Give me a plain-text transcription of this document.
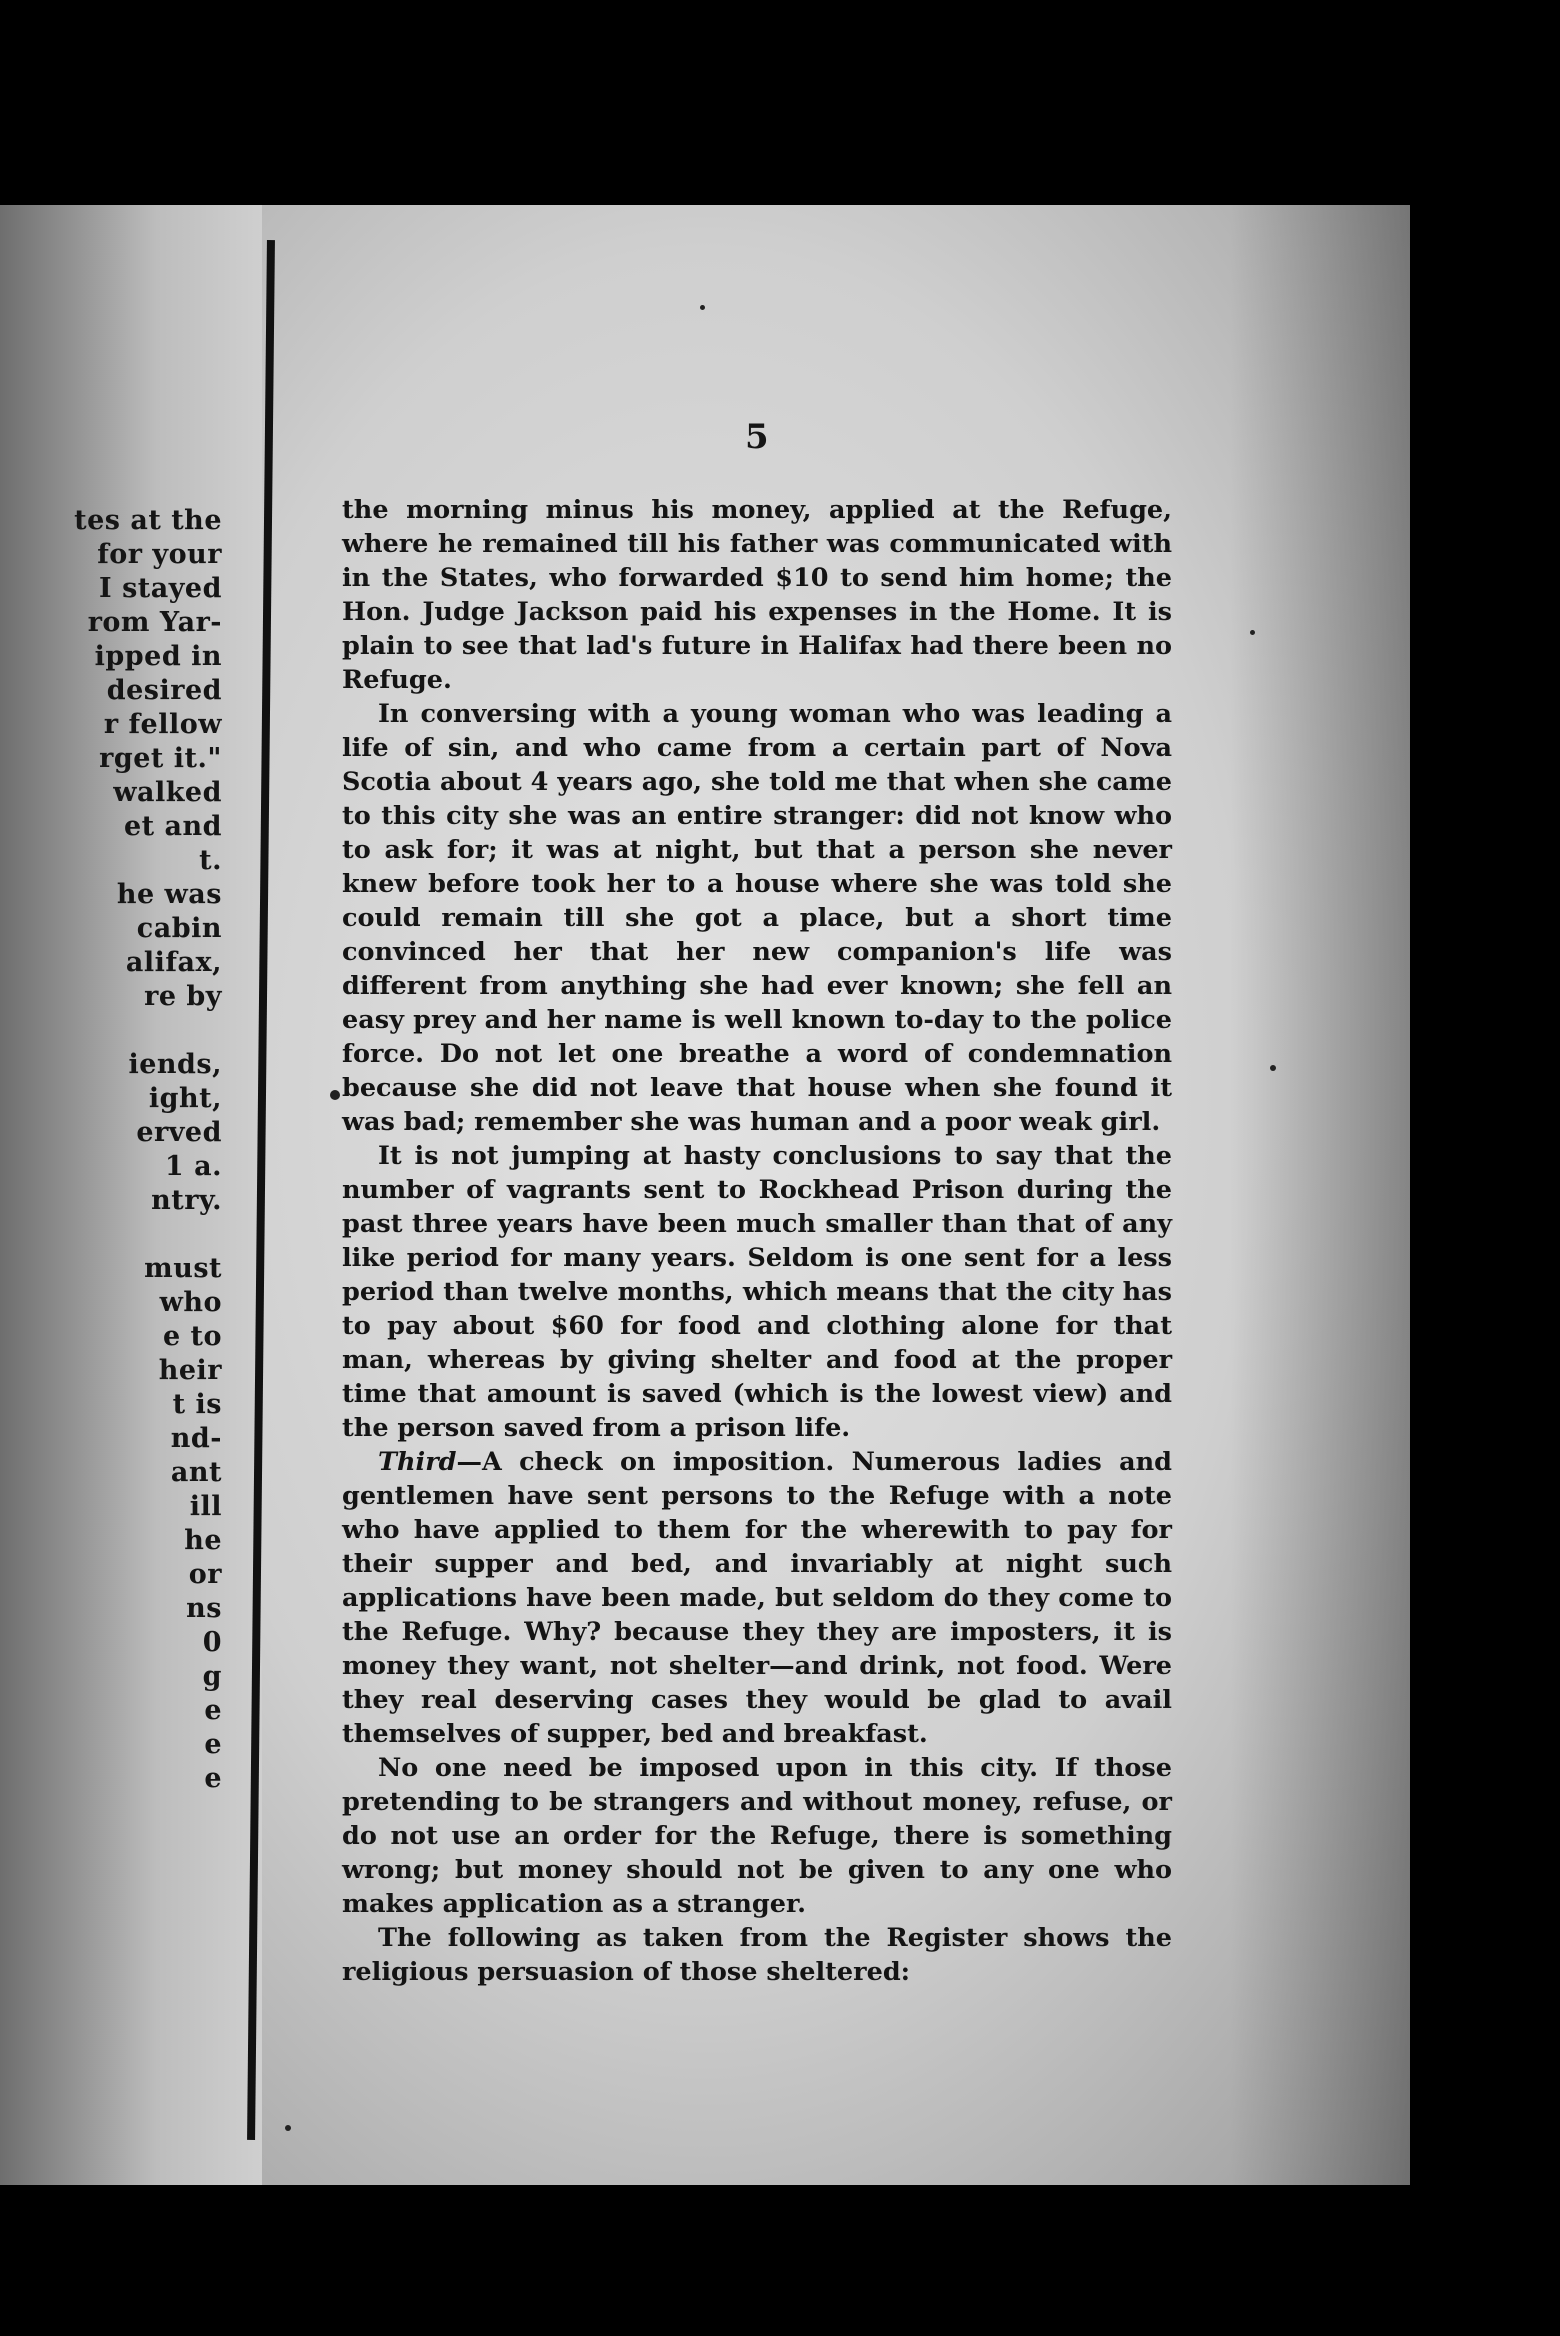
tes at the
for your
I stayed
rom Yar-
ipped in
desired
r fellow
rget it."
walked
et and
t.
he was
cabin
alifax,
re by
iends,
ight,
erved
1 a.
ntry.
must
who
e to
heir
t is
nd-
ant
ill
he
or
ns
0
g
e
e
e
5

the morning minus his money, applied at the Refuge, where he remained till his father was communicated with in the States, who forwarded $10 to send him home; the Hon. Judge Jackson paid his expenses in the Home. It is plain to see that lad's future in Halifax had there been no Refuge.

In conversing with a young woman who was leading a life of sin, and who came from a certain part of Nova Scotia about 4 years ago, she told me that when she came to this city she was an entire stranger: did not know who to ask for; it was at night, but that a person she never knew before took her to a house where she was told she could remain till she got a place, but a short time convinced her that her new companion's life was different from anything she had ever known; she fell an easy prey and her name is well known to-day to the police force. Do not let one breathe a word of condemnation because she did not leave that house when she found it was bad; remember she was human and a poor weak girl.

It is not jumping at hasty conclusions to say that the number of vagrants sent to Rockhead Prison during the past three years have been much smaller than that of any like period for many years. Seldom is one sent for a less period than twelve months, which means that the city has to pay about $60 for food and clothing alone for that man, whereas by giving shelter and food at the proper time that amount is saved (which is the lowest view) and the person saved from a prison life.

Third—A check on imposition. Numerous ladies and gentlemen have sent persons to the Refuge with a note who have applied to them for the wherewith to pay for their supper and bed, and invariably at night such applications have been made, but seldom do they come to the Refuge. Why? because they they are imposters, it is money they want, not shelter—and drink, not food. Were they real deserving cases they would be glad to avail themselves of supper, bed and breakfast.

No one need be imposed upon in this city. If those pretending to be strangers and without money, refuse, or do not use an order for the Refuge, there is something wrong; but money should not be given to any one who makes application as a stranger.

The following as taken from the Register shows the religious persuasion of those sheltered:
